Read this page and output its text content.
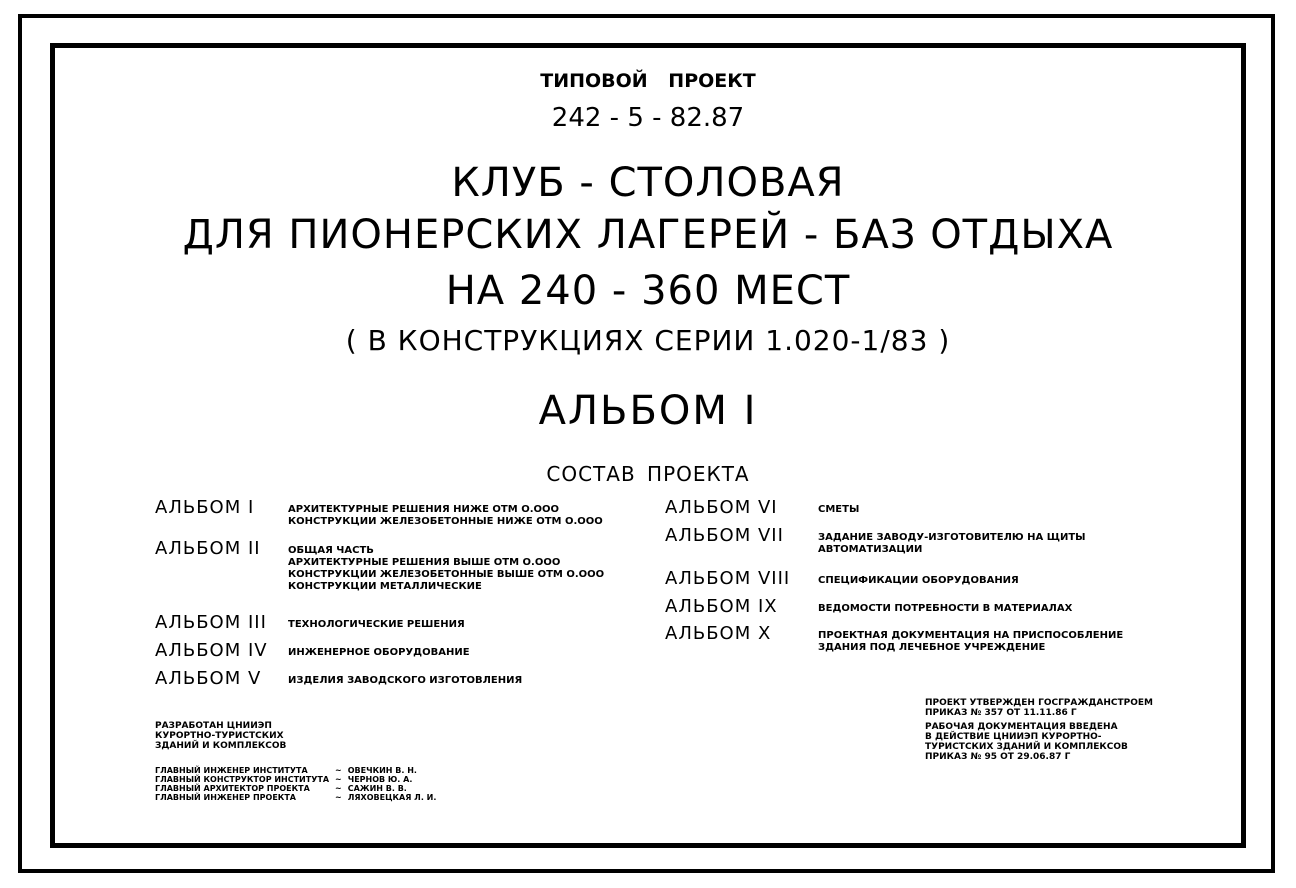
ТИПОВОЙ ПРОЕКТ
242 - 5 - 82.87
КЛУБ - СТОЛОВАЯ
ДЛЯ ПИОНЕРСКИХ ЛАГЕРЕЙ - БАЗ ОТДЫХА
НА 240 - 360 МЕСТ
( В КОНСТРУКЦИЯХ СЕРИИ 1.020-1/83 )
АЛЬБОМ I
СОСТАВ ПРОЕКТА
АЛЬБОМ I	АРХИТЕКТУРНЫЕ РЕШЕНИЯ НИЖЕ ОТМ О.ООО
КОНСТРУКЦИИ ЖЕЛЕЗОБЕТОННЫЕ НИЖЕ ОТМ О.ООО
АЛЬБОМ II	ОБЩАЯ ЧАСТЬ
АРХИТЕКТУРНЫЕ РЕШЕНИЯ ВЫШЕ ОТМ О.ООО
КОНСТРУКЦИИ ЖЕЛЕЗОБЕТОННЫЕ ВЫШЕ ОТМ О.ООО
КОНСТРУКЦИИ МЕТАЛЛИЧЕСКИЕ
АЛЬБОМ III ТЕХНОЛОГИЧЕСКИЕ РЕШЕНИЯ
АЛЬБОМ IV ИНЖЕНЕРНОЕ ОБОРУДОВАНИЕ
АЛЬБОМ V	ИЗДЕЛИЯ ЗАВОДСКОГО ИЗГОТОВЛЕНИЯ
АЛЬБОМ VI	СМЕТЫ
АЛЬБОМ VII	ЗАДАНИЕ ЗАВОДУ-ИЗГОТОВИТЕЛЮ НА ЩИТЫ
АВТОМАТИЗАЦИИ
АЛЬБОМ VIII	СПЕЦИФИКАЦИИ ОБОРУДОВАНИЯ
АЛЬБОМ IX	ВЕДОМОСТИ ПОТРЕБНОСТИ В МАТЕРИАЛАХ
АЛЬБОМ X	ПРОЕКТНАЯ ДОКУМЕНТАЦИЯ НА ПРИСПОСОБЛЕНИЕ
ЗДАНИЯ ПОД ЛЕЧЕБНОЕ УЧРЕЖДЕНИЕ
РАЗРАБОТАН ЦНИИЭП
КУРОРТНО-ТУРИСТСКИХ
ЗДАНИЙ И КОМПЛЕКСОВ
ГЛАВНЫЙ ИНЖЕНЕР ИНСТИТУТА	~	ОВЕЧКИН В. Н.
ГЛАВНЫЙ КОНСТРУКТОР ИНСТИТУТА	~	ЧЕРНОВ Ю. А.
ГЛАВНЫЙ АРХИТЕКТОР ПРОЕКТА	~	САЖИН В. В.
ГЛАВНЫЙ ИНЖЕНЕР ПРОЕКТА	~	ЛЯХОВЕЦКАЯ Л. И.
ПРОЕКТ УТВЕРЖДЕН ГОСГРАЖДАНСТРОЕМ
ПРИКАЗ № 357 ОТ 11.11.86 Г
РАБОЧАЯ ДОКУМЕНТАЦИЯ ВВЕДЕНА
В ДЕЙСТВИЕ ЦНИИЭП КУРОРТНО-
ТУРИСТСКИХ ЗДАНИЙ И КОМПЛЕКСОВ
ПРИКАЗ № 95 ОТ 29.06.87 Г
